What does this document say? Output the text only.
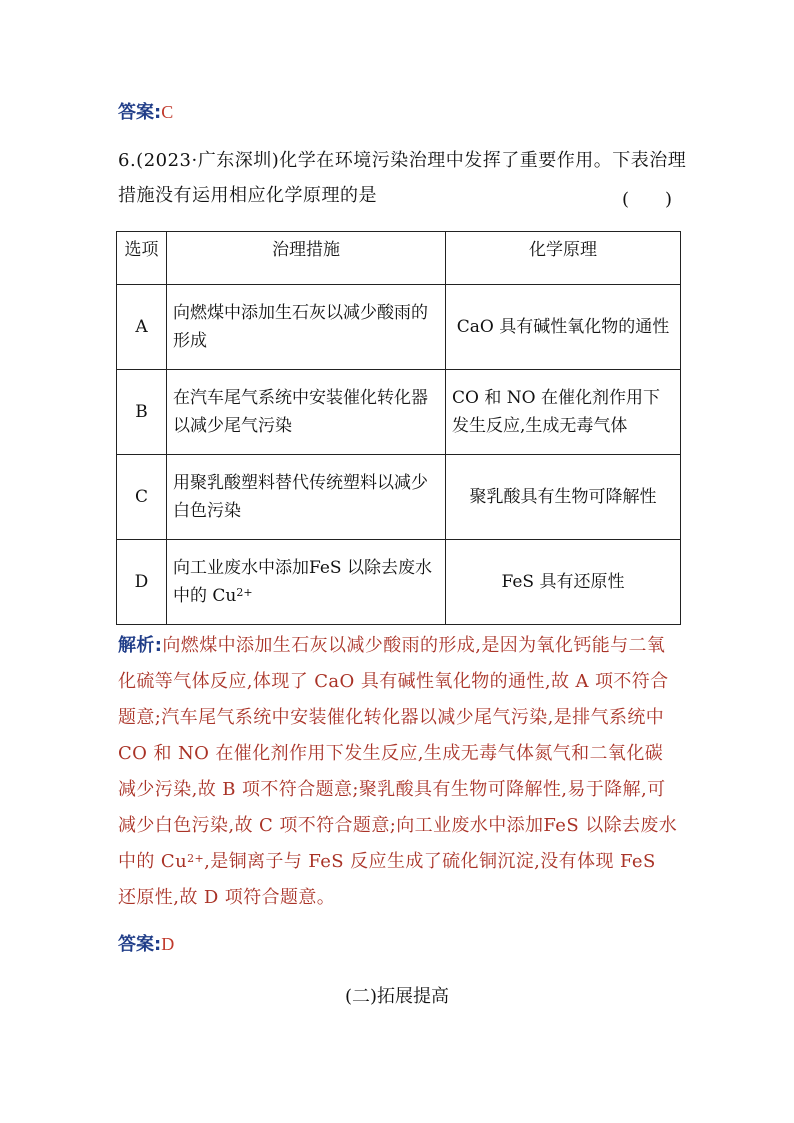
答案:C
6.(2023·广东深圳)化学在环境污染治理中发挥了重要作用。下表治理
措施没有运用相应化学原理的是	(　　)
选项	治理措施	化学原理
A	向燃煤中添加生石灰以减少酸雨的形成	CaO 具有碱性氧化物的通性
B	在汽车尾气系统中安装催化转化器以减少尾气污染	CO 和 NO 在催化剂作用下发生反应,生成无毒气体
C	用聚乳酸塑料替代传统塑料以减少白色污染	聚乳酸具有生物可降解性
D	向工业废水中添加FeS 以除去废水中的 $Cu^{2+}$	FeS 具有还原性
解析:向燃煤中添加生石灰以减少酸雨的形成,是因为氧化钙能与二氧化硫等气体反应,体现了 CaO 具有碱性氧化物的通性,故 A 项不符合题意;汽车尾气系统中安装催化转化器以减少尾气污染,是排气系统中 CO 和 NO 在催化剂作用下发生反应,生成无毒气体氮气和二氧化碳减少污染,故 B 项不符合题意;聚乳酸具有生物可降解性,易于降解,可减少白色污染,故 C 项不符合题意;向工业废水中添加FeS 以除去废水中的 $Cu^{2+}$,是铜离子与 FeS 反应生成了硫化铜沉淀,没有体现 FeS 还原性,故 D 项符合题意。
答案:D
(二)拓展提高
